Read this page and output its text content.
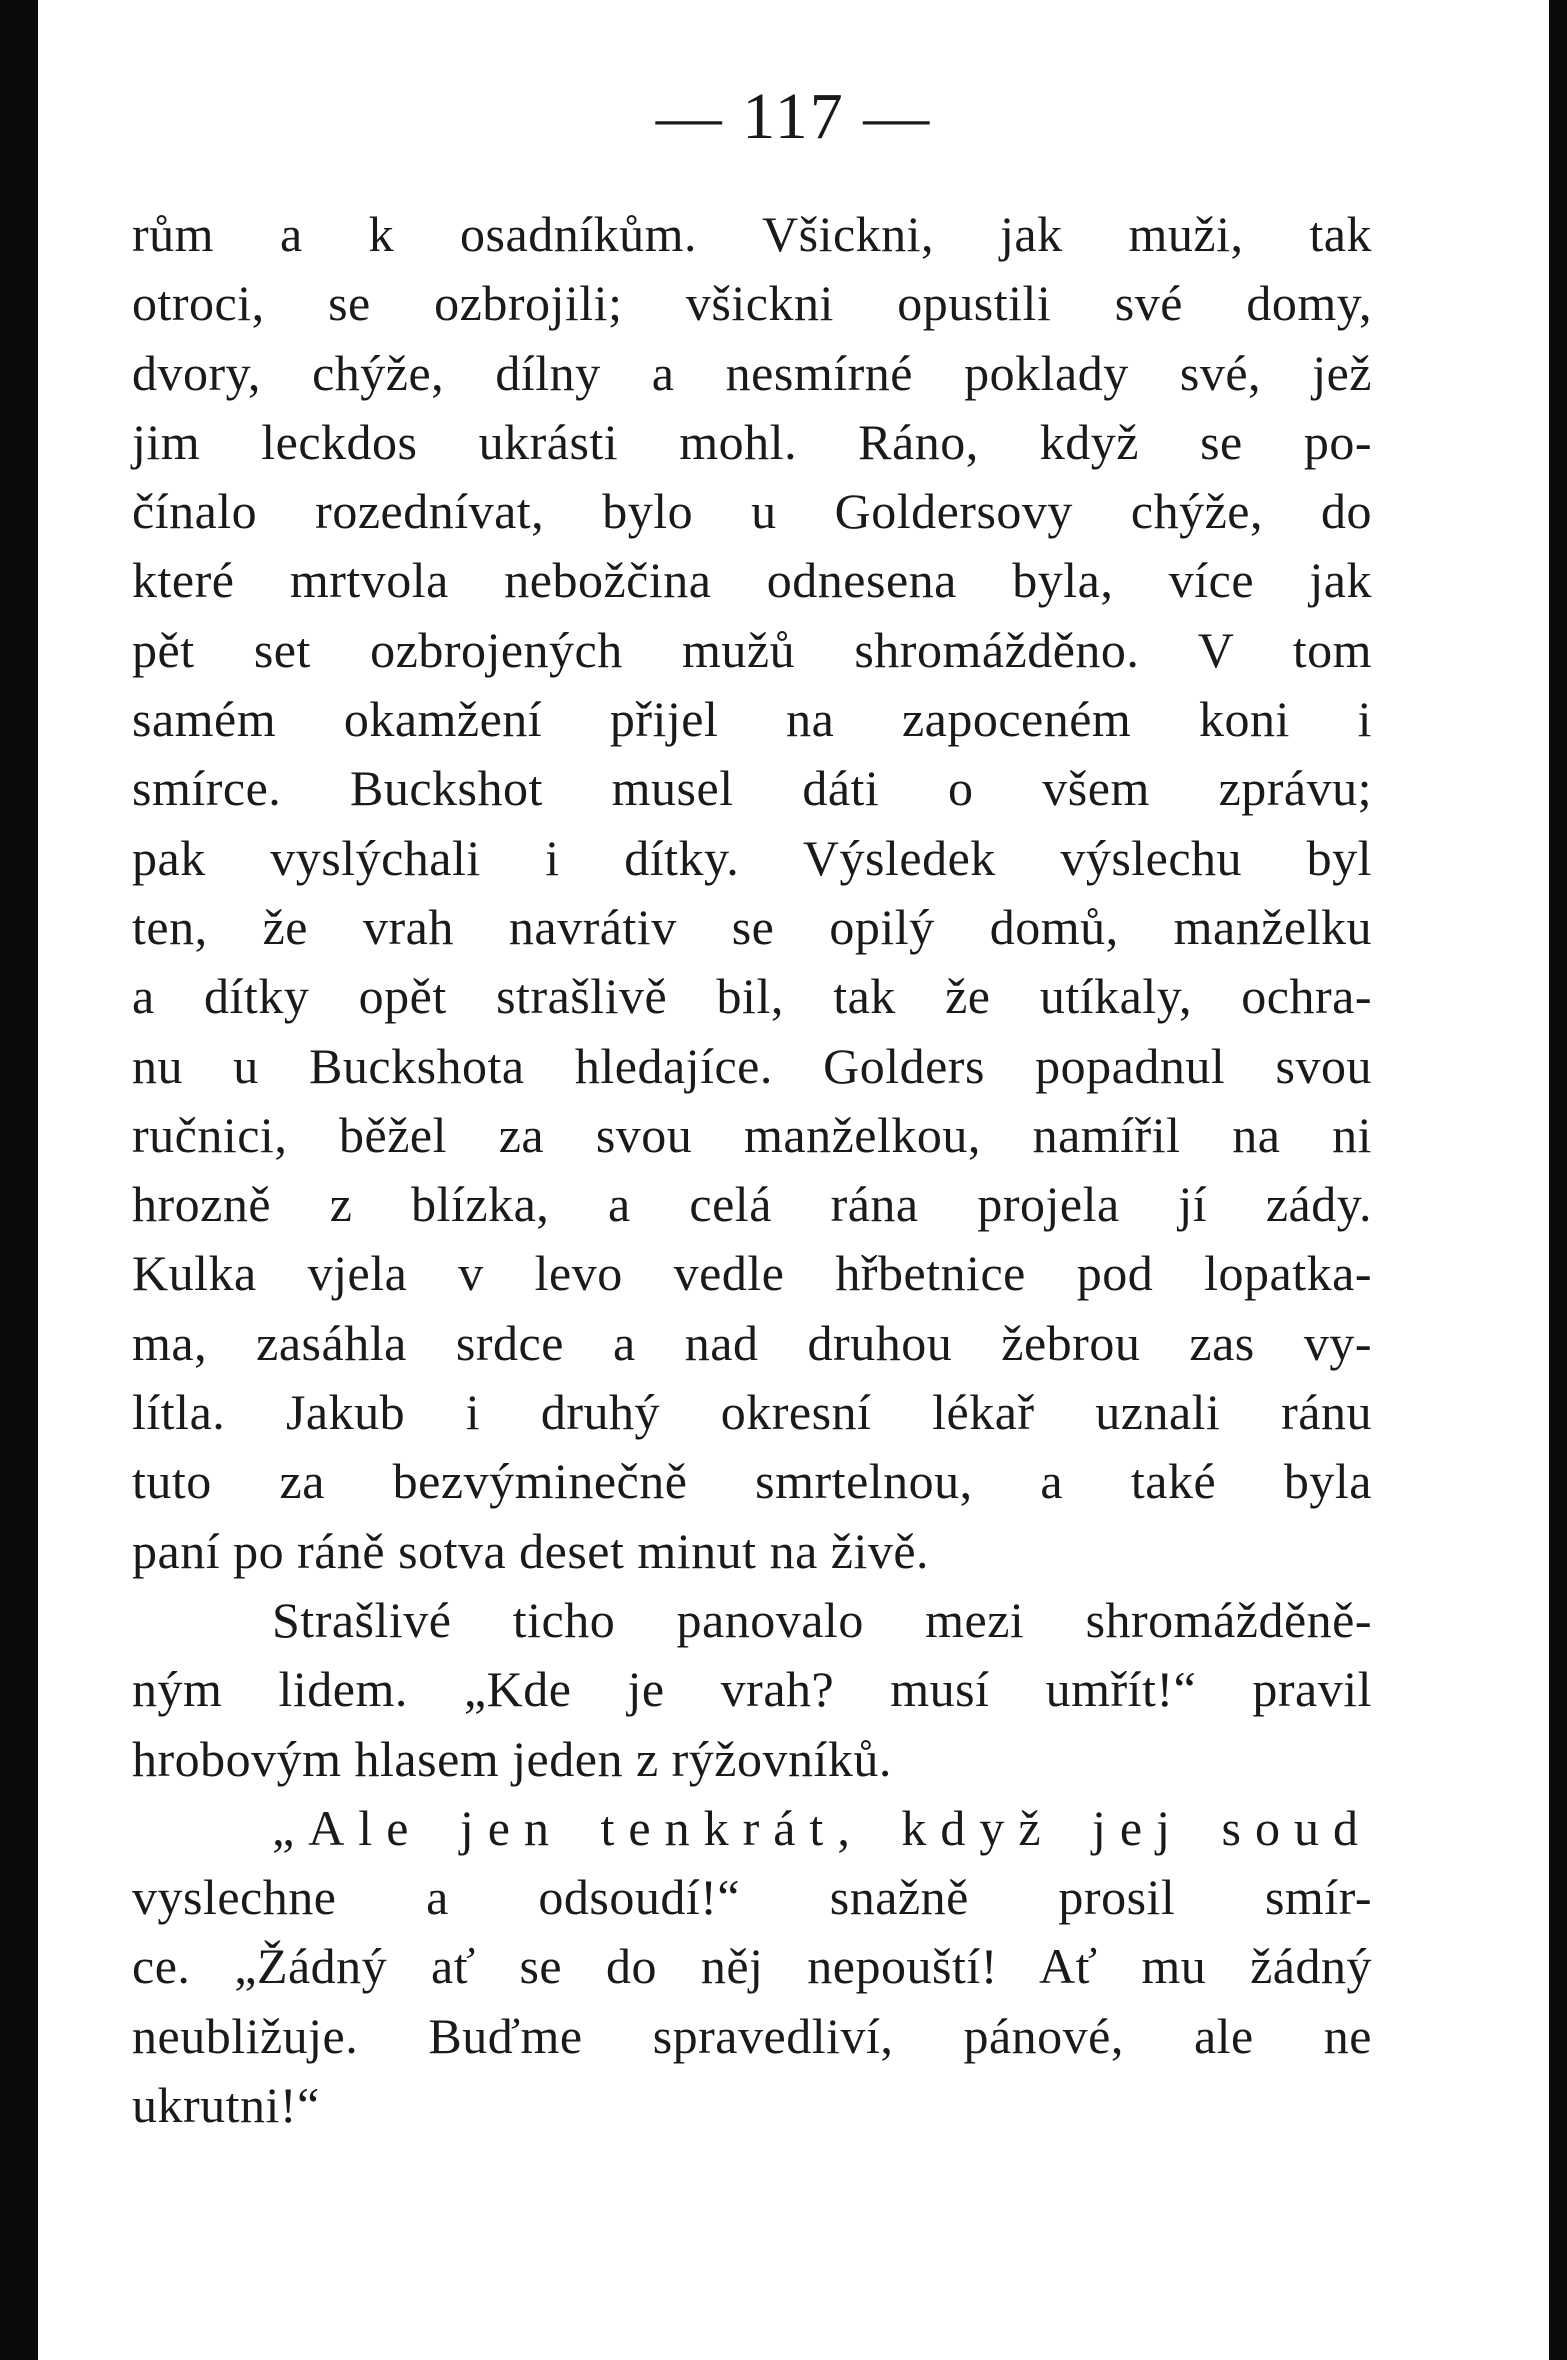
— 117 —
rům a k osadníkům. Všickni, jak muži, tak
otroci, se ozbrojili; všickni opustili své domy,
dvory, chýže, dílny a nesmírné poklady své, jež
jim leckdos ukrásti mohl. Ráno, když se po-
čínalo rozednívat, bylo u Goldersovy chýže, do
které mrtvola nebožčina odnesena byla, více jak
pět set ozbrojených mužů shromážděno. V tom
samém okamžení přijel na zapoceném koni i
smírce. Buckshot musel dáti o všem zprávu;
pak vyslýchali i dítky. Výsledek výslechu byl
ten, že vrah navrátiv se opilý domů, manželku
a dítky opět strašlivě bil, tak že utíkaly, ochra-
nu u Buckshota hledajíce. Golders popadnul svou
ručnici, běžel za svou manželkou, namířil na ni
hrozně z blízka, a celá rána projela jí zády.
Kulka vjela v levo vedle hřbetnice pod lopatka-
ma, zasáhla srdce a nad druhou žebrou zas vy-
lítla. Jakub i druhý okresní lékař uznali ránu
tuto za bezvýminečně smrtelnou, a také byla
paní po ráně sotva deset minut na živě.
Strašlivé ticho panovalo mezi shromážděně-
ným lidem. „Kde je vrah? musí umřít!“ pravil
hrobovým hlasem jeden z rýžovníků.
„Ale jen tenkrát, když jej soud
vyslechne a odsoudí!“ snažně prosil smír-
ce. „Žádný ať se do něj nepouští! Ať mu žádný
neubližuje. Buďme spravedliví, pánové, ale ne
ukrutni!“
